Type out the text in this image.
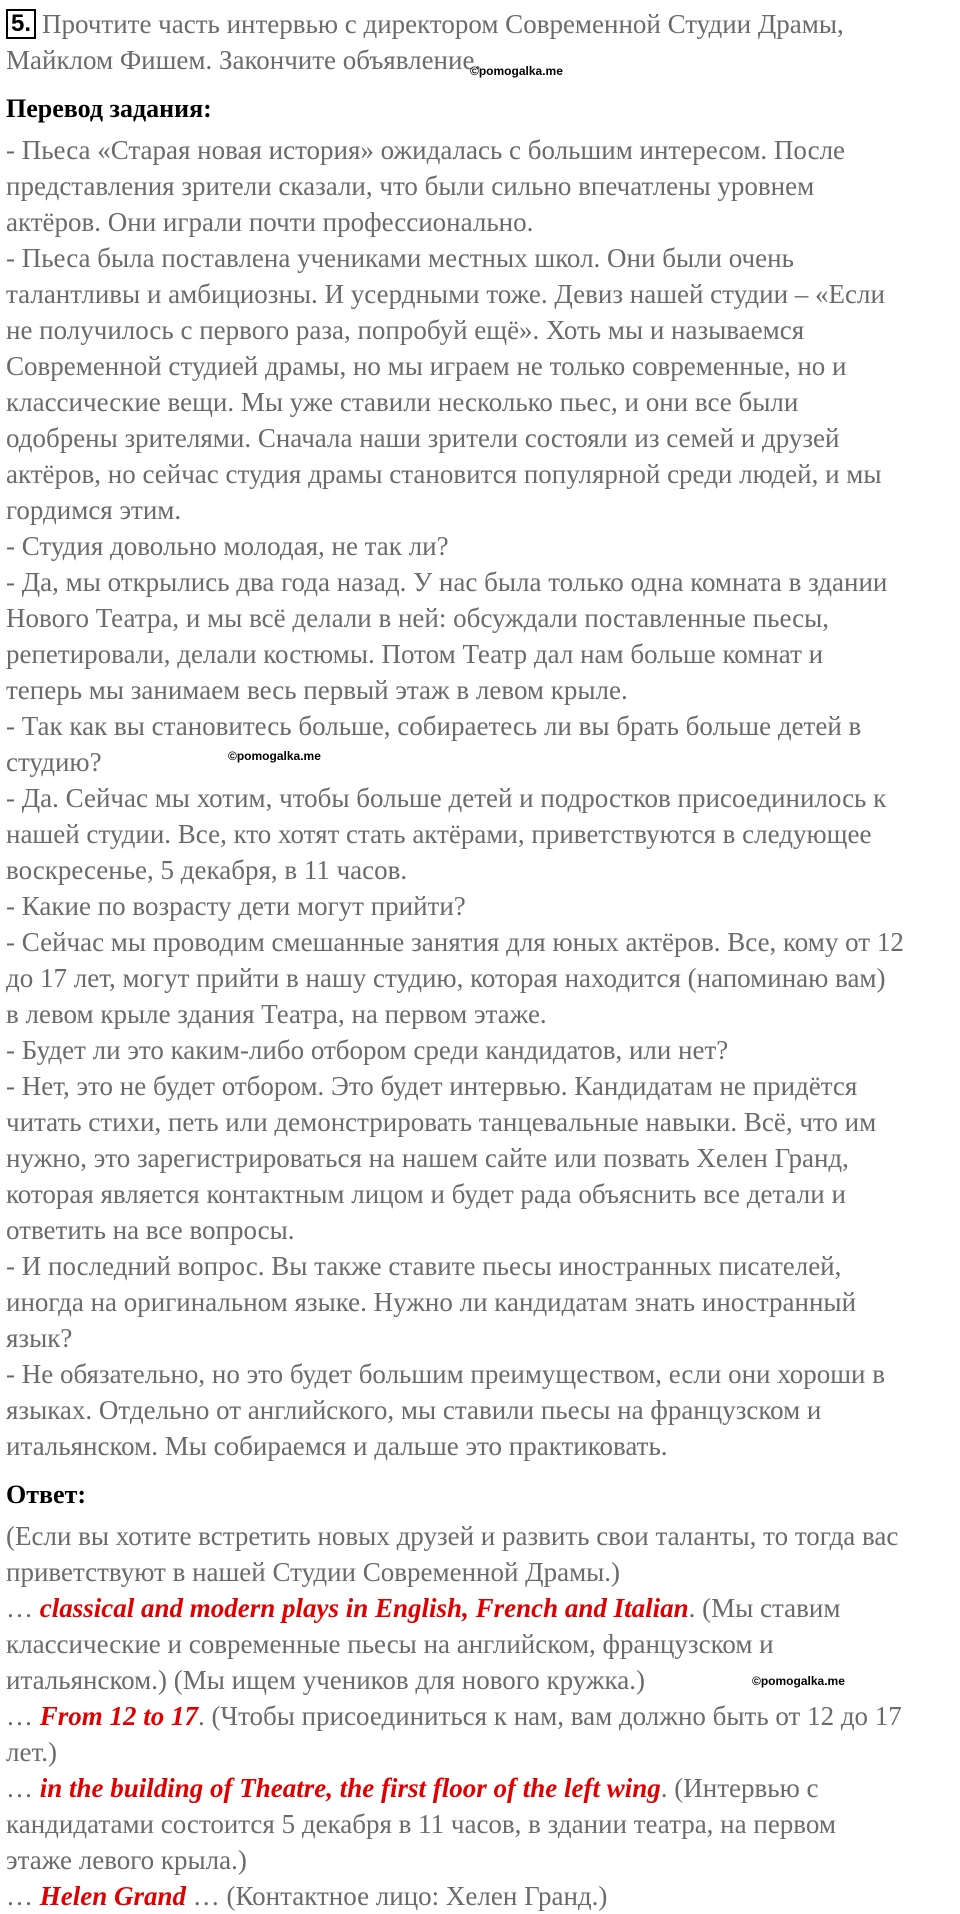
5. Прочтите часть интервью с директором Современной Студии Драмы,

Майклом Фишем. Закончите объявление.

Перевод задания:

- Пьеса «Старая новая история» ожидалась с большим интересом. После

представления зрители сказали, что были сильно впечатлены уровнем

актёров. Они играли почти профессионально.

- Пьеса была поставлена учениками местных школ. Они были очень

талантливы и амбициозны. И усердными тоже. Девиз нашей студии – «Если

не получилось с первого раза, попробуй ещё». Хоть мы и называемся

Современной студией драмы, но мы играем не только современные, но и

классические вещи. Мы уже ставили несколько пьес, и они все были

одобрены зрителями. Сначала наши зрители состояли из семей и друзей

актёров, но сейчас студия драмы становится популярной среди людей, и мы

гордимся этим.

- Студия довольно молодая, не так ли?

- Да, мы открылись два года назад. У нас была только одна комната в здании

Нового Театра, и мы всё делали в ней: обсуждали поставленные пьесы,

репетировали, делали костюмы. Потом Театр дал нам больше комнат и

теперь мы занимаем весь первый этаж в левом крыле.

- Так как вы становитесь больше, собираетесь ли вы брать больше детей в

студию?

- Да. Сейчас мы хотим, чтобы больше детей и подростков присоединилось к

нашей студии. Все, кто хотят стать актёрами, приветствуются в следующее

воскресенье, 5 декабря, в 11 часов.

- Какие по возрасту дети могут прийти?

- Сейчас мы проводим смешанные занятия для юных актёров. Все, кому от 12

до 17 лет, могут прийти в нашу студию, которая находится (напоминаю вам)

в левом крыле здания Театра, на первом этаже.

- Будет ли это каким-либо отбором среди кандидатов, или нет?

- Нет, это не будет отбором. Это будет интервью. Кандидатам не придётся

читать стихи, петь или демонстрировать танцевальные навыки. Всё, что им

нужно, это зарегистрироваться на нашем сайте или позвать Хелен Гранд,

которая является контактным лицом и будет рада объяснить все детали и

ответить на все вопросы.

- И последний вопрос. Вы также ставите пьесы иностранных писателей,

иногда на оригинальном языке. Нужно ли кандидатам знать иностранный

язык?

- Не обязательно, но это будет большим преимуществом, если они хороши в

языках. Отдельно от английского, мы ставили пьесы на французском и

итальянском. Мы собираемся и дальше это практиковать.

Ответ:

(Если вы хотите встретить новых друзей и развить свои таланты, то тогда вас

приветствуют в нашей Студии Современной Драмы.)

… classical and modern plays in English, French and Italian. (Мы ставим

классические и современные пьесы на английском, французском и

итальянском.) (Мы ищем учеников для нового кружка.)

… From 12 to 17. (Чтобы присоединиться к нам, вам должно быть от 12 до 17

лет.)

… in the building of Theatre, the first floor of the left wing. (Интервью с

кандидатами состоится 5 декабря в 11 часов, в здании театра, на первом

этаже левого крыла.)

… Helen Grand … (Контактное лицо: Хелен Гранд.)

©pomogalka.me
©pomogalka.me
©pomogalka.me
